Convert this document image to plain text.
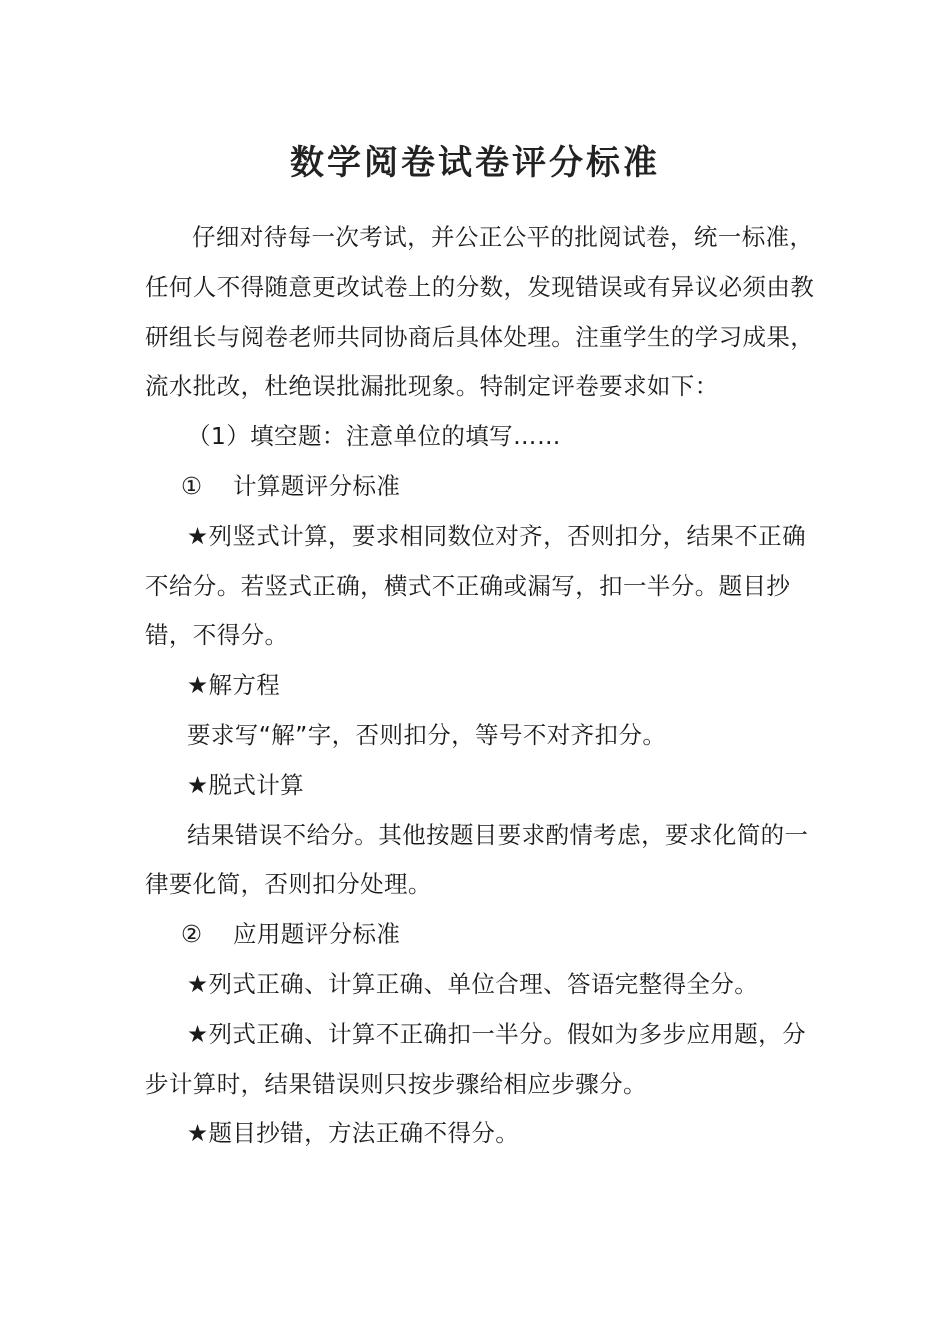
数学阅卷试卷评分标准

仔细对待每一次考试，并公正公平的批阅试卷，统一标准，任何人不得随意更改试卷上的分数，发现错误或有异议必须由教研组长与阅卷老师共同协商后具体处理。注重学生的学习成果，流水批改，杜绝误批漏批现象。特制定评卷要求如下：

（1）填空题：注意单位的填写……

① 计算题评分标准

★列竖式计算，要求相同数位对齐，否则扣分，结果不正确不给分。若竖式正确，横式不正确或漏写，扣一半分。题目抄错，不得分。

★解方程

要求写“解”字，否则扣分，等号不对齐扣分。

★脱式计算

结果错误不给分。其他按题目要求酌情考虑，要求化简的一律要化简，否则扣分处理。

② 应用题评分标准

★列式正确、计算正确、单位合理、答语完整得全分。

★列式正确、计算不正确扣一半分。假如为多步应用题，分步计算时，结果错误则只按步骤给相应步骤分。

★题目抄错，方法正确不得分。
